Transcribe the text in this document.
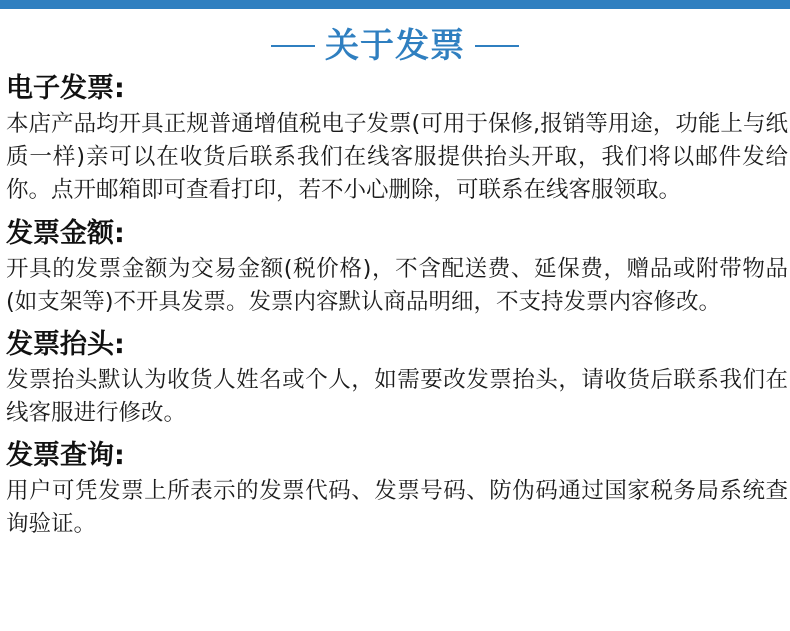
关于发票

电子发票:

本店产品均开具正规普通增值税电子发票(可用于保修,报销等用途，功能上与纸质一样)亲可以在收货后联系我们在线客服提供抬头开取，我们将以邮件发给你。点开邮箱即可查看打印，若不小心删除，可联系在线客服领取。

发票金额:

开具的发票金额为交易金额(税价格)，不含配送费、延保费，赠品或附带物品(如支架等)不开具发票。发票内容默认商品明细，不支持发票内容修改。

发票抬头:

发票抬头默认为收货人姓名或个人，如需要改发票抬头，请收货后联系我们在线客服进行修改。

发票查询:

用户可凭发票上所表示的发票代码、发票号码、防伪码通过国家税务局系统查询验证。
